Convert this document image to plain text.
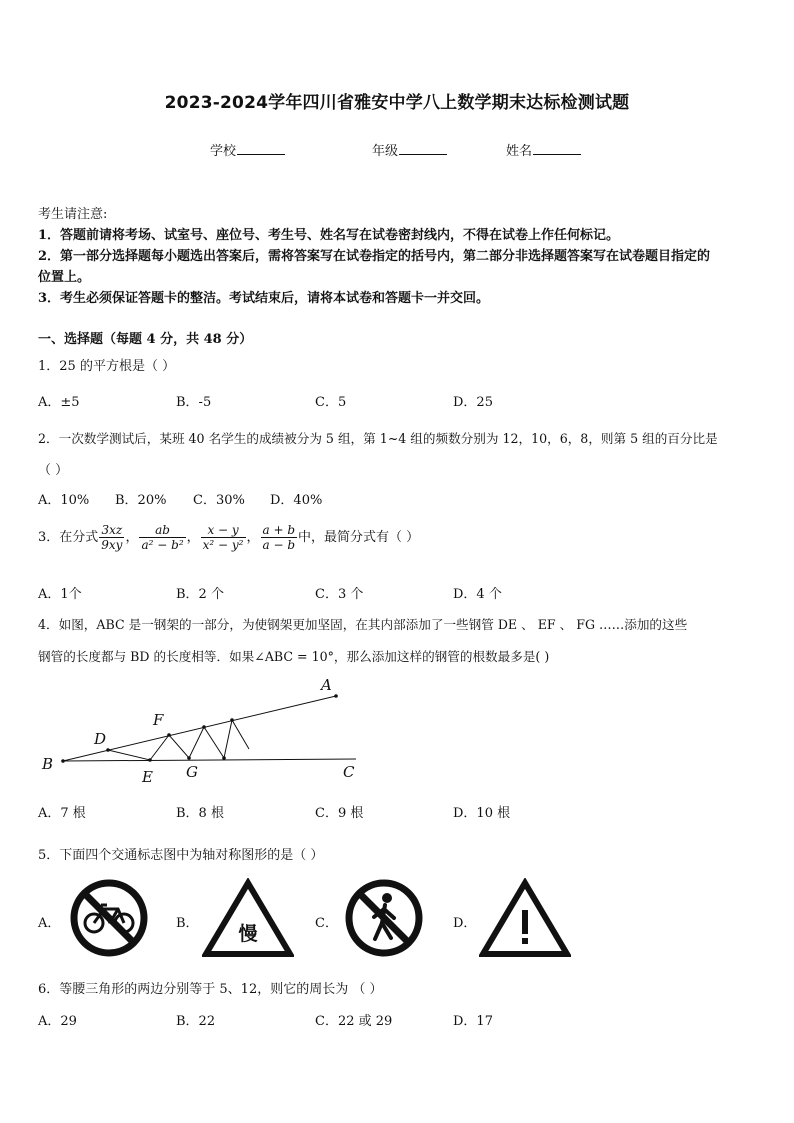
2023-2024学年四川省雅安中学八上数学期末达标检测试题
学校	年级	姓名
考生请注意:
1．答题前请将考场、试室号、座位号、考生号、姓名写在试卷密封线内，不得在试卷上作任何标记。
2．第一部分选择题每小题选出答案后，需将答案写在试卷指定的括号内，第二部分非选择题答案写在试卷题目指定的
位置上。
3．考生必须保证答题卡的整洁。考试结束后，请将本试卷和答题卡一并交回。
一、选择题（每题 4 分，共 48 分）
1．25 的平方根是（ ）
A．±5	B．-5	C．5	D．25
2．一次数学测试后，某班 40 名学生的成绩被分为 5 组，第 1~4 组的频数分别为 12，10，6，8，则第 5 组的百分比是
（ ）
A．10% B．20% C．30% D．40%
3．在分式 $\frac{3xz}{9xy}$ ， $\frac{ab}{\text{a² − b²}}$ ， $\frac{x - y}{\text{x² − y²}}$ ， $\frac{a + b}{a - b}$ 中，最简分式有（ ）
A．1个	B．2 个	C．3 个	D．4 个
4．如图，ABC 是一钢架的一部分，为使钢架更加坚固，在其内部添加了一些钢管 DE 、 EF 、 FG ……添加的这些
钢管的长度都与 BD 的长度相等．如果∠ABC = 10°，那么添加这样的钢管的根数最多是( )
A
B	C
D
E
F
G
A．7 根	B．8 根	C．9 根	D．10 根
5．下面四个交通标志图中为轴对称图形的是（ ）
A．	B． 慢	C．	D．
6．等腰三角形的两边分别等于 5、12，则它的周长为 （ ）
A．29	B．22	C．22 或 29	D．17
